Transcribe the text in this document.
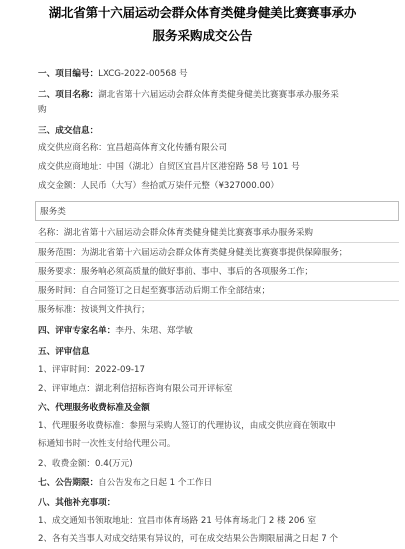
湖北省第十六届运动会群众体育类健身健美比赛赛事承办
服务采购成交公告
一、项目编号：LXCG-2022-00568 号
二、项目名称：湖北省第十六届运动会群众体育类健身健美比赛赛事承办服务采
购
三、成交信息：
成交供应商名称：宜昌超高体育文化传播有限公司
成交供应商地址：中国（湖北）自贸区宜昌片区港窑路 58 号 101 号
成交金额：人民币（大写）叁拾贰万柒仟元整（¥327000.00）
服务类
名称：湖北省第十六届运动会群众体育类健身健美比赛赛事承办服务采购
服务范围：为湖北省第十六届运动会群众体育类健身健美比赛赛事提供保障服务；
服务要求：服务响必须高质量的做好事前、事中、事后的各项服务工作；
服务时间：自合同签订之日起至赛事活动后期工作全部结束；
服务标准：按谈判文件执行；
四、评审专家名单：李丹、朱珺、郑学敏
五、评审信息
1、评审时间：2022-09-17
2、评审地点：湖北利信招标咨询有限公司开评标室
六、代理服务收费标准及金额
1、代理服务收费标准：参照与采购人签订的代理协议，由成交供应商在领取中
标通知书时一次性支付给代理公司。
2、收费金额：0.4(万元)
七、公告期限：自公告发布之日起 1 个工作日
八、其他补充事项：
1、成交通知书领取地址：宜昌市体育场路 21 号体育场北门 2 楼 206 室
2、各有关当事人对成交结果有异议的，可在成交结果公告期限届满之日起 7 个
